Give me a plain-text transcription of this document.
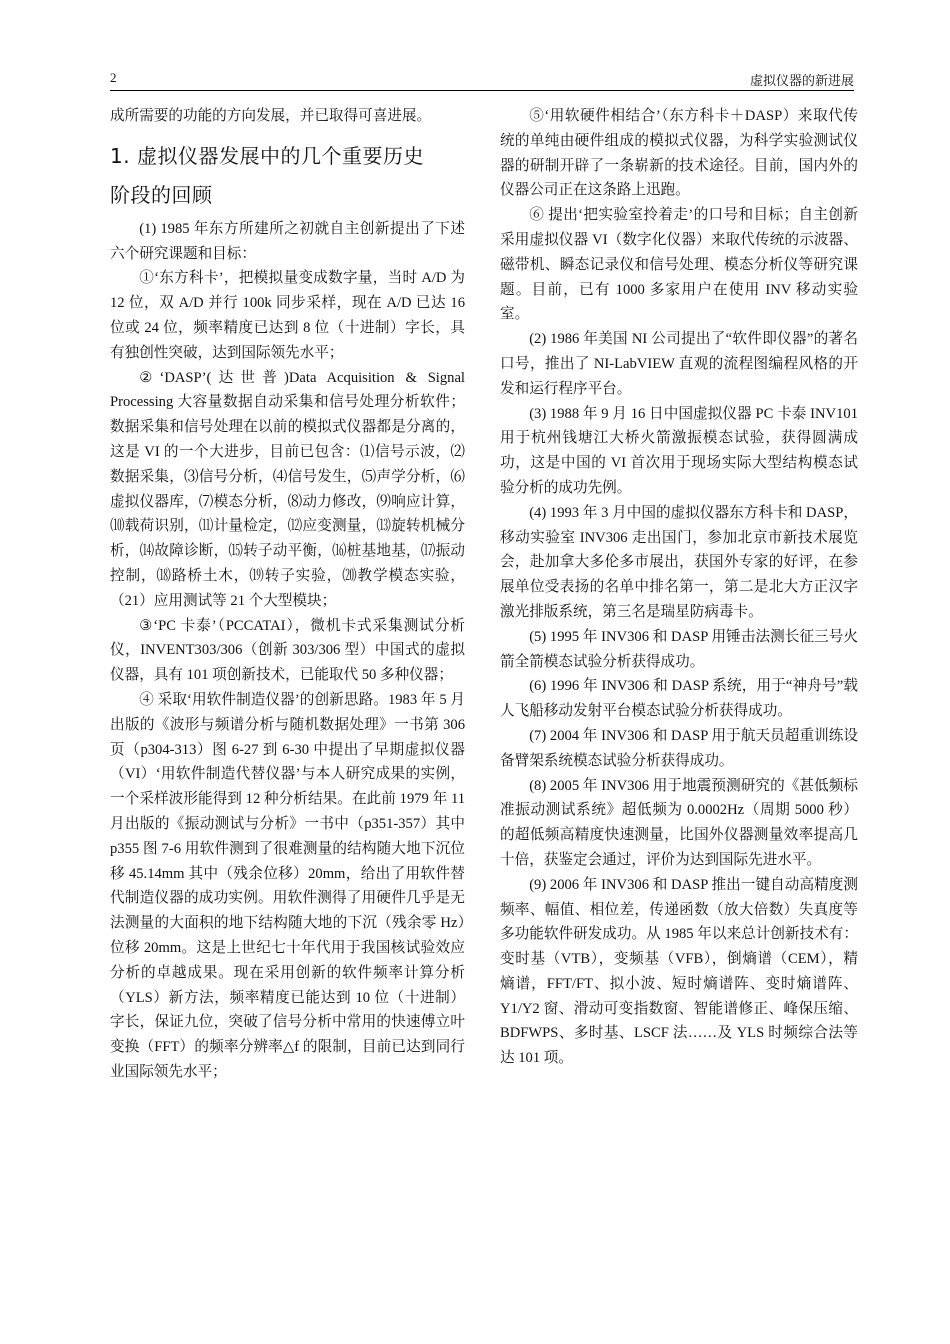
2	虚拟仪器的新进展

成所需要的功能的方向发展，并已取得可喜进展。

1. 虚拟仪器发展中的几个重要历史
阶段的回顾

(1) 1985 年东方所建所之初就自主创新提出了下述六个研究课题和目标：

①‘东方科卡’，把模拟量变成数字量，当时 A/D 为 12 位，双 A/D 并行 100k 同步采样，现在 A/D 已达 16 位或 24 位，频率精度已达到 8 位（十进制）字长，具有独创性突破，达到国际领先水平；

②‘DASP’(达世普)Data Acquisition & Signal Processing 大容量数据自动采集和信号处理分析软件；数据采集和信号处理在以前的模拟式仪器都是分离的，这是 VI 的一个大进步，目前已包含：⑴信号示波，⑵数据采集，⑶信号分析，⑷信号发生，⑸声学分析，⑹虚拟仪器库，⑺模态分析，⑻动力修改，⑼响应计算，⑽载荷识别，⑾计量检定，⑿应变测量，⒀旋转机械分析，⒁故障诊断，⒂转子动平衡，⒃桩基地基，⒄振动控制，⒅路桥土木，⒆转子实验，⒇教学模态实验，（21）应用测试等 21 个大型模块；

③‘PC 卡泰’（PCCATAI），微机卡式采集测试分析仪，INVENT303/306（创新 303/306 型）中国式的虚拟仪器，具有 101 项创新技术，已能取代 50 多种仪器；

④ 采取‘用软件制造仪器’的创新思路。1983 年 5 月出版的《波形与频谱分析与随机数据处理》一书第 306 页（p304-313）图 6-27 到 6-30 中提出了早期虚拟仪器（VI）‘用软件制造代替仪器’与本人研究成果的实例，一个采样波形能得到 12 种分析结果。在此前 1979 年 11 月出版的《振动测试与分析》一书中（p351-357）其中 p355 图 7-6 用软件测到了很难测量的结构随大地下沉位移 45.14mm 其中（残余位移）20mm，给出了用软件替代制造仪器的成功实例。用软件测得了用硬件几乎是无法测量的大面积的地下结构随大地的下沉（残余零 Hz）位移 20mm。这是上世纪七十年代用于我国核试验效应分析的卓越成果。现在采用创新的软件频率计算分析（YLS）新方法，频率精度已能达到 10 位（十进制）字长，保证九位，突破了信号分析中常用的快速傅立叶变换（FFT）的频率分辨率△f 的限制，目前已达到同行业国际领先水平；

⑤‘用软硬件相结合’（东方科卡＋DASP）来取代传统的单纯由硬件组成的模拟式仪器，为科学实验测试仪器的研制开辟了一条崭新的技术途径。目前，国内外的仪器公司正在这条路上迅跑。

⑥ 提出‘把实验室拎着走’的口号和目标；自主创新采用虚拟仪器 VI（数字化仪器）来取代传统的示波器、磁带机、瞬态记录仪和信号处理、模态分析仪等研究课题。目前，已有 1000 多家用户在使用 INV 移动实验室。

(2) 1986 年美国 NI 公司提出了“软件即仪器”的著名口号，推出了 NI-LabVIEW 直观的流程图编程风格的开发和运行程序平台。

(3) 1988 年 9 月 16 日中国虚拟仪器 PC 卡泰 INV101 用于杭州钱塘江大桥火箭激振模态试验，获得圆满成功，这是中国的 VI 首次用于现场实际大型结构模态试验分析的成功先例。

(4) 1993 年 3 月中国的虚拟仪器东方科卡和 DASP，移动实验室 INV306 走出国门，参加北京市新技术展览会，赴加拿大多伦多市展出，获国外专家的好评，在参展单位受表扬的名单中排名第一，第二是北大方正汉字激光排版系统，第三名是瑞星防病毒卡。

(5) 1995 年 INV306 和 DASP 用锤击法测长征三号火箭全箭模态试验分析获得成功。

(6) 1996 年 INV306 和 DASP 系统，用于“神舟号”载人飞船移动发射平台模态试验分析获得成功。

(7) 2004 年 INV306 和 DASP 用于航天员超重训练设备臂架系统模态试验分析获得成功。

(8) 2005 年 INV306 用于地震预测研究的《甚低频标准振动测试系统》超低频为 0.0002Hz（周期 5000 秒）的超低频高精度快速测量，比国外仪器测量效率提高几十倍，获鉴定会通过，评价为达到国际先进水平。

(9) 2006 年 INV306 和 DASP 推出一键自动高精度测频率、幅值、相位差，传递函数（放大倍数）失真度等多功能软件研发成功。从 1985 年以来总计创新技术有：变时基（VTB），变频基（VFB），倒熵谱（CEM），精熵谱，FFT/FT、拟小波、短时熵谱阵、变时熵谱阵、Y1/Y2 窗、滑动可变指数窗、智能谱修正、峰保压缩、BDFWPS、多时基、LSCF 法……及 YLS 时频综合法等达 101 项。
